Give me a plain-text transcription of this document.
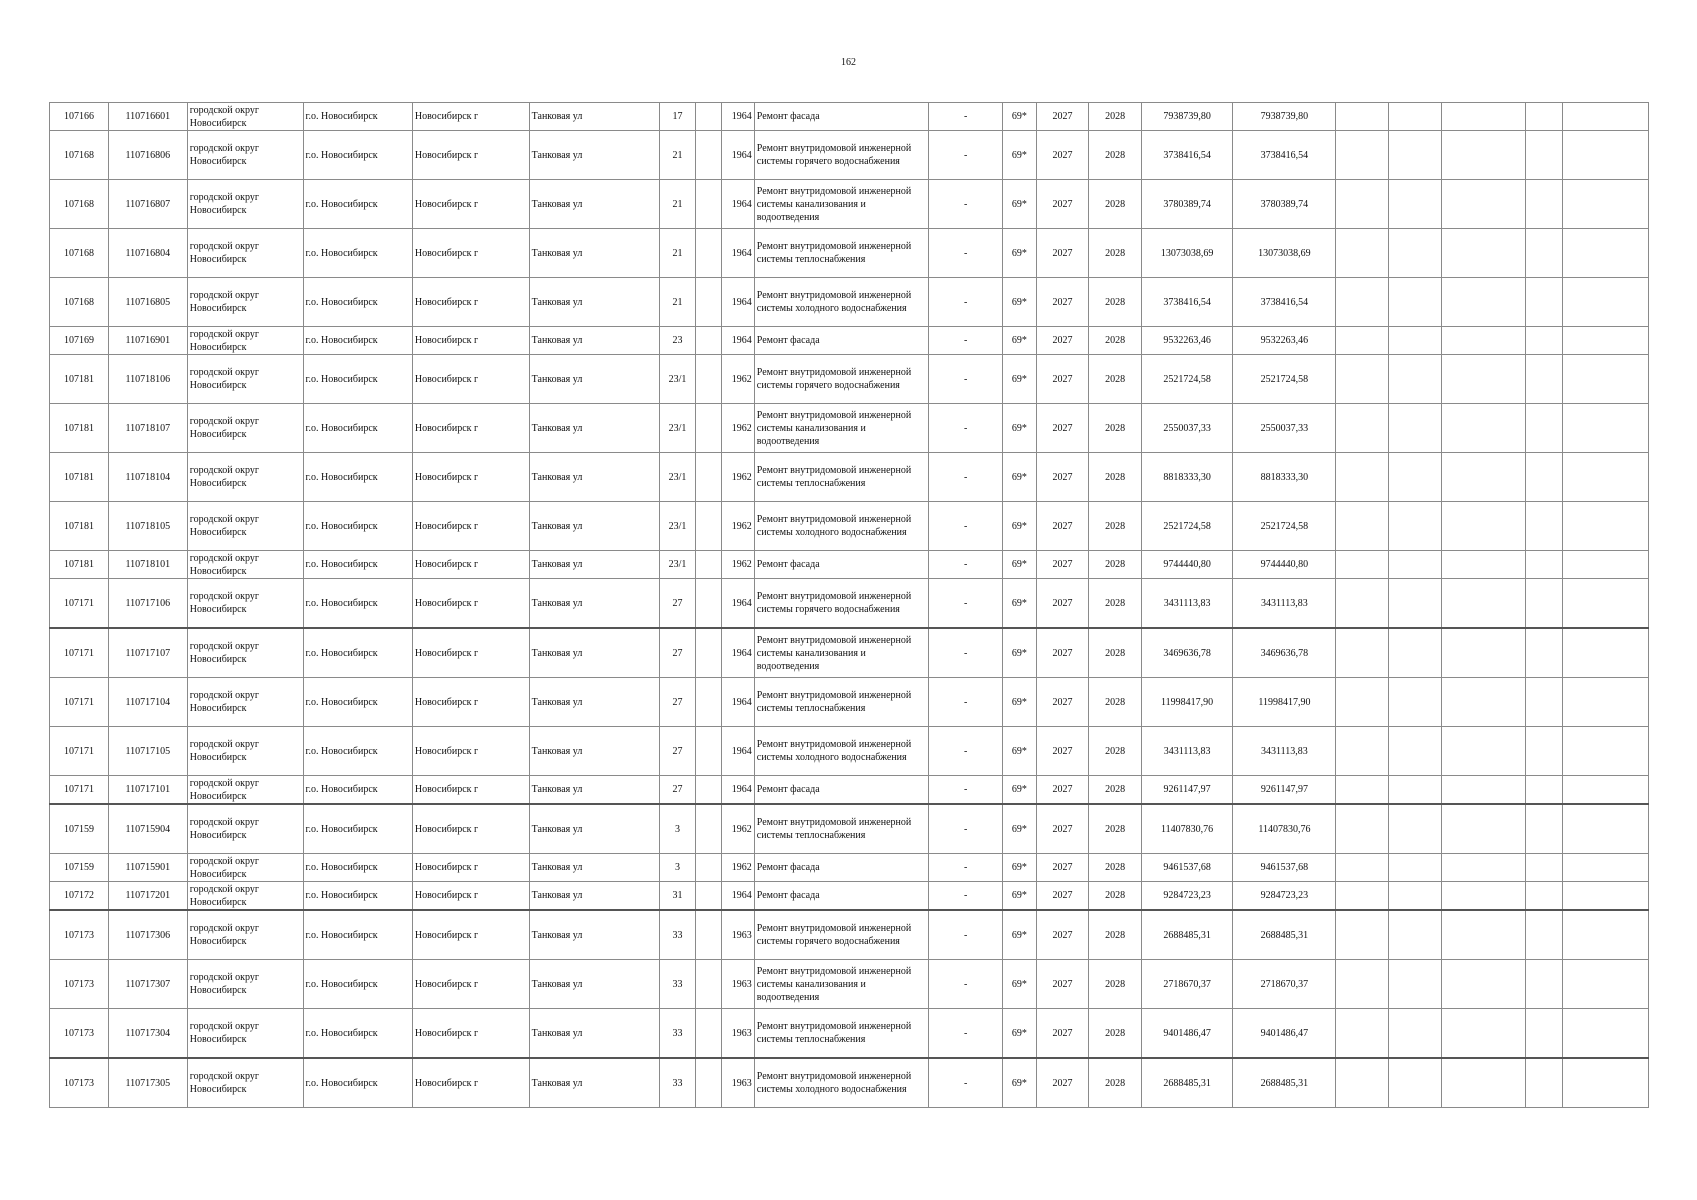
162
107166	110716601	городской округ Новосибирск	г.о. Новосибирск	Новосибирск г	Танковая ул	17		1964	Ремонт фасада	-	69*	2027	2028	7938739,80	7938739,80					
107168	110716806	городской округ Новосибирск	г.о. Новосибирск	Новосибирск г	Танковая ул	21		1964	Ремонт внутридомовой инженерной системы горячего водоснабжения	-	69*	2027	2028	3738416,54	3738416,54					
107168	110716807	городской округ Новосибирск	г.о. Новосибирск	Новосибирск г	Танковая ул	21		1964	Ремонт внутридомовой инженерной системы канализования и водоотведения	-	69*	2027	2028	3780389,74	3780389,74					
107168	110716804	городской округ Новосибирск	г.о. Новосибирск	Новосибирск г	Танковая ул	21		1964	Ремонт внутридомовой инженерной системы теплоснабжения	-	69*	2027	2028	13073038,69	13073038,69					
107168	110716805	городской округ Новосибирск	г.о. Новосибирск	Новосибирск г	Танковая ул	21		1964	Ремонт внутридомовой инженерной системы холодного водоснабжения	-	69*	2027	2028	3738416,54	3738416,54					
107169	110716901	городской округ Новосибирск	г.о. Новосибирск	Новосибирск г	Танковая ул	23		1964	Ремонт фасада	-	69*	2027	2028	9532263,46	9532263,46					
107181	110718106	городской округ Новосибирск	г.о. Новосибирск	Новосибирск г	Танковая ул	23/1		1962	Ремонт внутридомовой инженерной системы горячего водоснабжения	-	69*	2027	2028	2521724,58	2521724,58					
107181	110718107	городской округ Новосибирск	г.о. Новосибирск	Новосибирск г	Танковая ул	23/1		1962	Ремонт внутридомовой инженерной системы канализования и водоотведения	-	69*	2027	2028	2550037,33	2550037,33					
107181	110718104	городской округ Новосибирск	г.о. Новосибирск	Новосибирск г	Танковая ул	23/1		1962	Ремонт внутридомовой инженерной системы теплоснабжения	-	69*	2027	2028	8818333,30	8818333,30					
107181	110718105	городской округ Новосибирск	г.о. Новосибирск	Новосибирск г	Танковая ул	23/1		1962	Ремонт внутридомовой инженерной системы холодного водоснабжения	-	69*	2027	2028	2521724,58	2521724,58					
107181	110718101	городской округ Новосибирск	г.о. Новосибирск	Новосибирск г	Танковая ул	23/1		1962	Ремонт фасада	-	69*	2027	2028	9744440,80	9744440,80					
107171	110717106	городской округ Новосибирск	г.о. Новосибирск	Новосибирск г	Танковая ул	27		1964	Ремонт внутридомовой инженерной системы горячего водоснабжения	-	69*	2027	2028	3431113,83	3431113,83					
107171	110717107	городской округ Новосибирск	г.о. Новосибирск	Новосибирск г	Танковая ул	27		1964	Ремонт внутридомовой инженерной системы канализования и водоотведения	-	69*	2027	2028	3469636,78	3469636,78					
107171	110717104	городской округ Новосибирск	г.о. Новосибирск	Новосибирск г	Танковая ул	27		1964	Ремонт внутридомовой инженерной системы теплоснабжения	-	69*	2027	2028	11998417,90	11998417,90					
107171	110717105	городской округ Новосибирск	г.о. Новосибирск	Новосибирск г	Танковая ул	27		1964	Ремонт внутридомовой инженерной системы холодного водоснабжения	-	69*	2027	2028	3431113,83	3431113,83					
107171	110717101	городской округ Новосибирск	г.о. Новосибирск	Новосибирск г	Танковая ул	27		1964	Ремонт фасада	-	69*	2027	2028	9261147,97	9261147,97					
107159	110715904	городской округ Новосибирск	г.о. Новосибирск	Новосибирск г	Танковая ул	3		1962	Ремонт внутридомовой инженерной системы теплоснабжения	-	69*	2027	2028	11407830,76	11407830,76					
107159	110715901	городской округ Новосибирск	г.о. Новосибирск	Новосибирск г	Танковая ул	3		1962	Ремонт фасада	-	69*	2027	2028	9461537,68	9461537,68					
107172	110717201	городской округ Новосибирск	г.о. Новосибирск	Новосибирск г	Танковая ул	31		1964	Ремонт фасада	-	69*	2027	2028	9284723,23	9284723,23					
107173	110717306	городской округ Новосибирск	г.о. Новосибирск	Новосибирск г	Танковая ул	33		1963	Ремонт внутридомовой инженерной системы горячего водоснабжения	-	69*	2027	2028	2688485,31	2688485,31					
107173	110717307	городской округ Новосибирск	г.о. Новосибирск	Новосибирск г	Танковая ул	33		1963	Ремонт внутридомовой инженерной системы канализования и водоотведения	-	69*	2027	2028	2718670,37	2718670,37					
107173	110717304	городской округ Новосибирск	г.о. Новосибирск	Новосибирск г	Танковая ул	33		1963	Ремонт внутридомовой инженерной системы теплоснабжения	-	69*	2027	2028	9401486,47	9401486,47					
107173	110717305	городской округ Новосибирск	г.о. Новосибирск	Новосибирск г	Танковая ул	33		1963	Ремонт внутридомовой инженерной системы холодного водоснабжения	-	69*	2027	2028	2688485,31	2688485,31					
